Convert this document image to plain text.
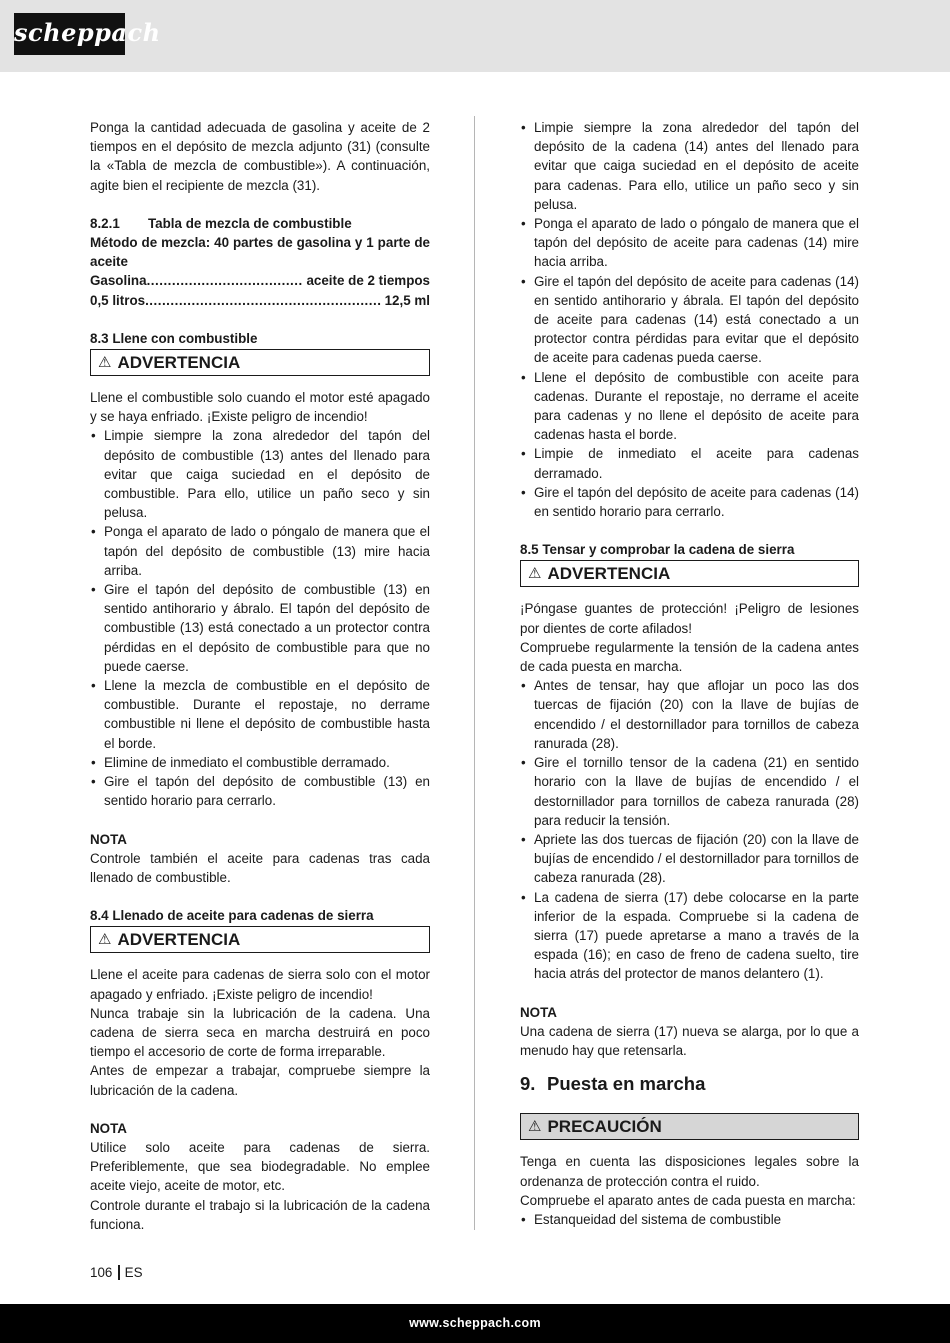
scheppach

Ponga la cantidad adecuada de gasolina y aceite de 2 tiempos en el depósito de mezcla adjunto (31) (consulte la «Tabla de mezcla de combustible»). A continuación, agite bien el recipiente de mezcla (31).

8.2.1	Tabla de mezcla de combustible

Método de mezcla: 40 partes de gasolina y 1 parte de aceite

Gasolina .....	aceite de 2 tiempos
0,5 litros .....	12,5 ml
8.3 Llene con combustible
⚠ ADVERTENCIA

Llene el combustible solo cuando el motor esté apagado y se haya enfriado. ¡Existe peligro de incendio!

• Limpie siempre la zona alrededor del tapón del depósito de combustible (13) antes del llenado para evitar que caiga suciedad en el depósito de combustible. Para ello, utilice un paño seco y sin pelusa.
• Ponga el aparato de lado o póngalo de manera que el tapón del depósito de combustible (13) mire hacia arriba.
• Gire el tapón del depósito de combustible (13) en sentido antihorario y ábralo. El tapón del depósito de combustible (13) está conectado a un protector contra pérdidas en el depósito de combustible para que no puede caerse.
• Llene la mezcla de combustible en el depósito de combustible. Durante el repostaje, no derrame combustible ni llene el depósito de combustible hasta el borde.
• Elimine de inmediato el combustible derramado.
• Gire el tapón del depósito de combustible (13) en sentido horario para cerrarlo.
NOTA

Controle también el aceite para cadenas tras cada llenado de combustible.

8.4 Llenado de aceite para cadenas de sierra
⚠ ADVERTENCIA

Llene el aceite para cadenas de sierra solo con el motor apagado y enfriado. ¡Existe peligro de incendio!

Nunca trabaje sin la lubricación de la cadena. Una cadena de sierra seca en marcha destruirá en poco tiempo el accesorio de corte de forma irreparable.

Antes de empezar a trabajar, compruebe siempre la lubricación de la cadena.

NOTA

Utilice solo aceite para cadenas de sierra. Preferiblemente, que sea biodegradable. No emplee aceite viejo, aceite de motor, etc.

Controle durante el trabajo si la lubricación de la cadena funciona.

• Limpie siempre la zona alrededor del tapón del depósito de la cadena (14) antes del llenado para evitar que caiga suciedad en el depósito de aceite para cadenas. Para ello, utilice un paño seco y sin pelusa.
• Ponga el aparato de lado o póngalo de manera que el tapón del depósito de aceite para cadenas (14) mire hacia arriba.
• Gire el tapón del depósito de aceite para cadenas (14) en sentido antihorario y ábrala. El tapón del depósito de aceite para cadenas (14) está conectado a un protector contra pérdidas para evitar que el depósito de aceite para cadenas pueda caerse.
• Llene el depósito de combustible con aceite para cadenas. Durante el repostaje, no derrame el aceite para cadenas y no llene el depósito de aceite para cadenas hasta el borde.
• Limpie de inmediato el aceite para cadenas derramado.
• Gire el tapón del depósito de aceite para cadenas (14) en sentido horario para cerrarlo.
8.5 Tensar y comprobar la cadena de sierra
⚠ ADVERTENCIA

¡Póngase guantes de protección! ¡Peligro de lesiones por dientes de corte afilados!

Compruebe regularmente la tensión de la cadena antes de cada puesta en marcha.

• Antes de tensar, hay que aflojar un poco las dos tuercas de fijación (20) con la llave de bujías de encendido / el destornillador para tornillos de cabeza ranurada (28).
• Gire el tornillo tensor de la cadena (21) en sentido horario con la llave de bujías de encendido / el destornillador para tornillos de cabeza ranurada (28) para reducir la tensión.
• Apriete las dos tuercas de fijación (20) con la llave de bujías de encendido / el destornillador para tornillos de cabeza ranurada (28).
• La cadena de sierra (17) debe colocarse en la parte inferior de la espada. Compruebe si la cadena de sierra (17) puede apretarse a mano a través de la espada (16); en caso de freno de cadena suelto, tire hacia atrás del protector de manos delantero (1).
NOTA

Una cadena de sierra (17) nueva se alarga, por lo que a menudo hay que retensarla.

9. Puesta en marcha
⚠ PRECAUCIÓN

Tenga en cuenta las disposiciones legales sobre la ordenanza de protección contra el ruido.

Compruebe el aparato antes de cada puesta en marcha:

• Estanqueidad del sistema de combustible
106 ES
www.scheppach.com
